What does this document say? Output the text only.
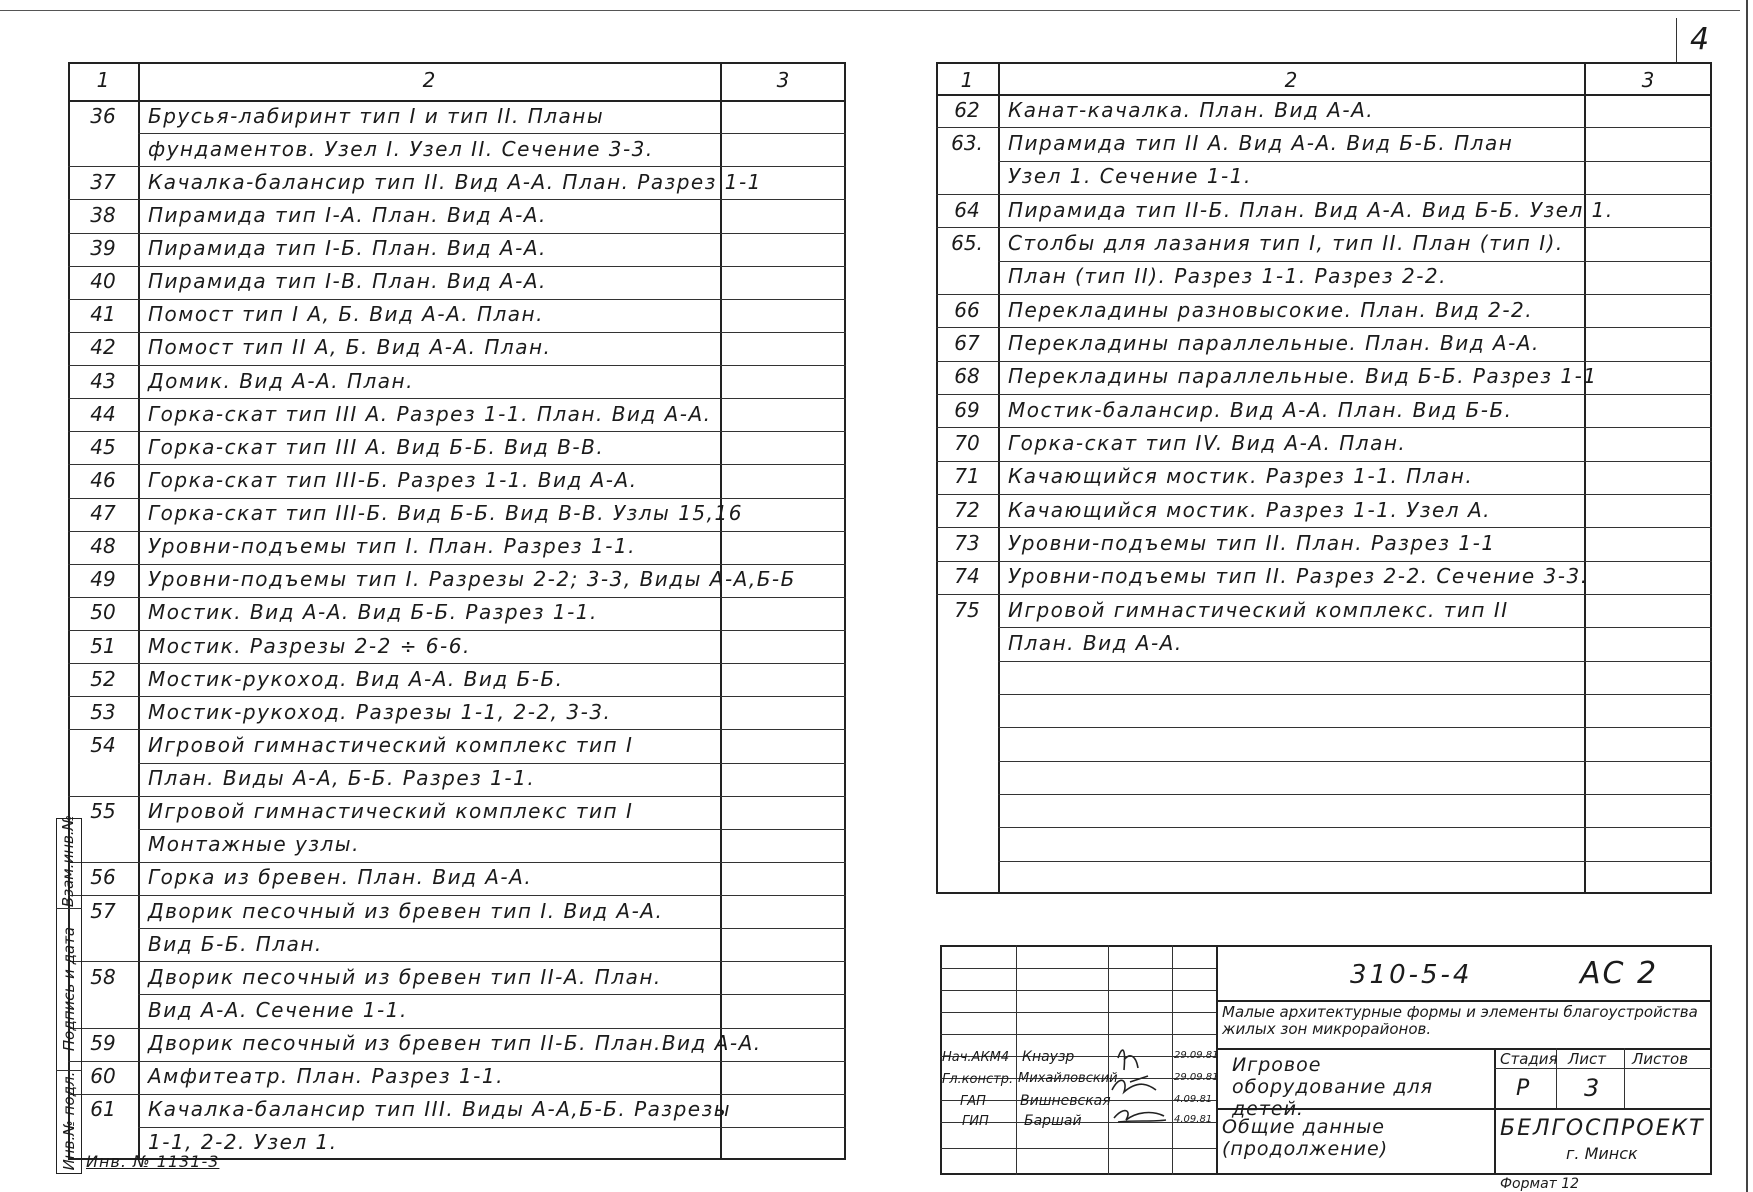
4
1	2	3
36	Брусья-лабиринт тип I и тип II. Планы
фундаментов. Узел I. Узел II. Сечение 3-3.
37	Качалка-балансир тип II. Вид А-А. План. Разрез 1-1
38	Пирамида тип I-А. План. Вид А-А.
39	Пирамида тип I-Б. План. Вид А-А.
40	Пирамида тип I-В. План. Вид А-А.
41	Помост тип I А, Б. Вид А-А. План.
42	Помост тип II А, Б. Вид А-А. План.
43	Домик. Вид А-А. План.
44	Горка-скат тип III А. Разрез 1-1. План. Вид А-А.
45	Горка-скат тип III А. Вид Б-Б. Вид В-В.
46	Горка-скат тип III-Б. Разрез 1-1. Вид А-А.
47	Горка-скат тип III-Б. Вид Б-Б. Вид В-В. Узлы 15,16
48	Уровни-подъемы тип I. План. Разрез 1-1.
49	Уровни-подъемы тип I. Разрезы 2-2; 3-3, Виды А-А,Б-Б
50	Мостик. Вид А-А. Вид Б-Б. Разрез 1-1.
51	Мостик. Разрезы 2-2 ÷ 6-6.
52	Мостик-рукоход. Вид А-А. Вид Б-Б.
53	Мостик-рукоход. Разрезы 1-1, 2-2, 3-3.
54	Игровой гимнастический комплекс тип I
План. Виды А-А, Б-Б. Разрез 1-1.
55	Игровой гимнастический комплекс тип I
Монтажные узлы.
56	Горка из бревен. План. Вид А-А.
57	Дворик песочный из бревен тип I. Вид А-А.
Вид Б-Б. План.
58	Дворик песочный из бревен тип II-А. План.
Вид А-А. Сечение 1-1.
59	Дворик песочный из бревен тип II-Б. План.Вид А-А.
60	Амфитеатр. План. Разрез 1-1.
61	Качалка-балансир тип III. Виды А-А,Б-Б. Разрезы
1-1, 2-2. Узел 1.
1	2	3
62	Канат-качалка. План. Вид А-А.
63.	Пирамида тип II А. Вид А-А. Вид Б-Б. План
Узел 1. Сечение 1-1.
64	Пирамида тип II-Б. План. Вид А-А. Вид Б-Б. Узел 1.
65.	Столбы для лазания тип I, тип II. План (тип I).
План (тип II). Разрез 1-1. Разрез 2-2.
66	Перекладины разновысокие. План. Вид 2-2.
67	Перекладины параллельные. План. Вид А-А.
68	Перекладины параллельные. Вид Б-Б. Разрез 1-1
69	Мостик-балансир. Вид А-А. План. Вид Б-Б.
70	Горка-скат тип IV. Вид А-А. План.
71	Качающийся мостик. Разрез 1-1. План.
72	Качающийся мостик. Разрез 1-1. Узел А.
73	Уровни-подъемы тип II. План. Разрез 1-1
74	Уровни-подъемы тип II. Разрез 2-2. Сечение 3-3.
75	Игровой гимнастический комплекс. тип II
План. Вид А-А.
Взам.инв.№
Подпись и дата
Инв.№ подл. Инв. № 1131-3
310-5-4	АС 2
Малые архитектурные формы и элементы благоустройства жилых зон микрорайонов.
Игровое оборудование для детей.
Общие данные (продолжение)
БЕЛГОСПРОЕКТ
г. Минск
Стадия Лист Листов
Р 3
Нач.АКМ4 Кнаузр	29.09.81
Гл.констр. Михайловский	29.09.81
ГАП Вишневская	4.09.81
ГИП	Баршай	4.09.81
Формат 12
